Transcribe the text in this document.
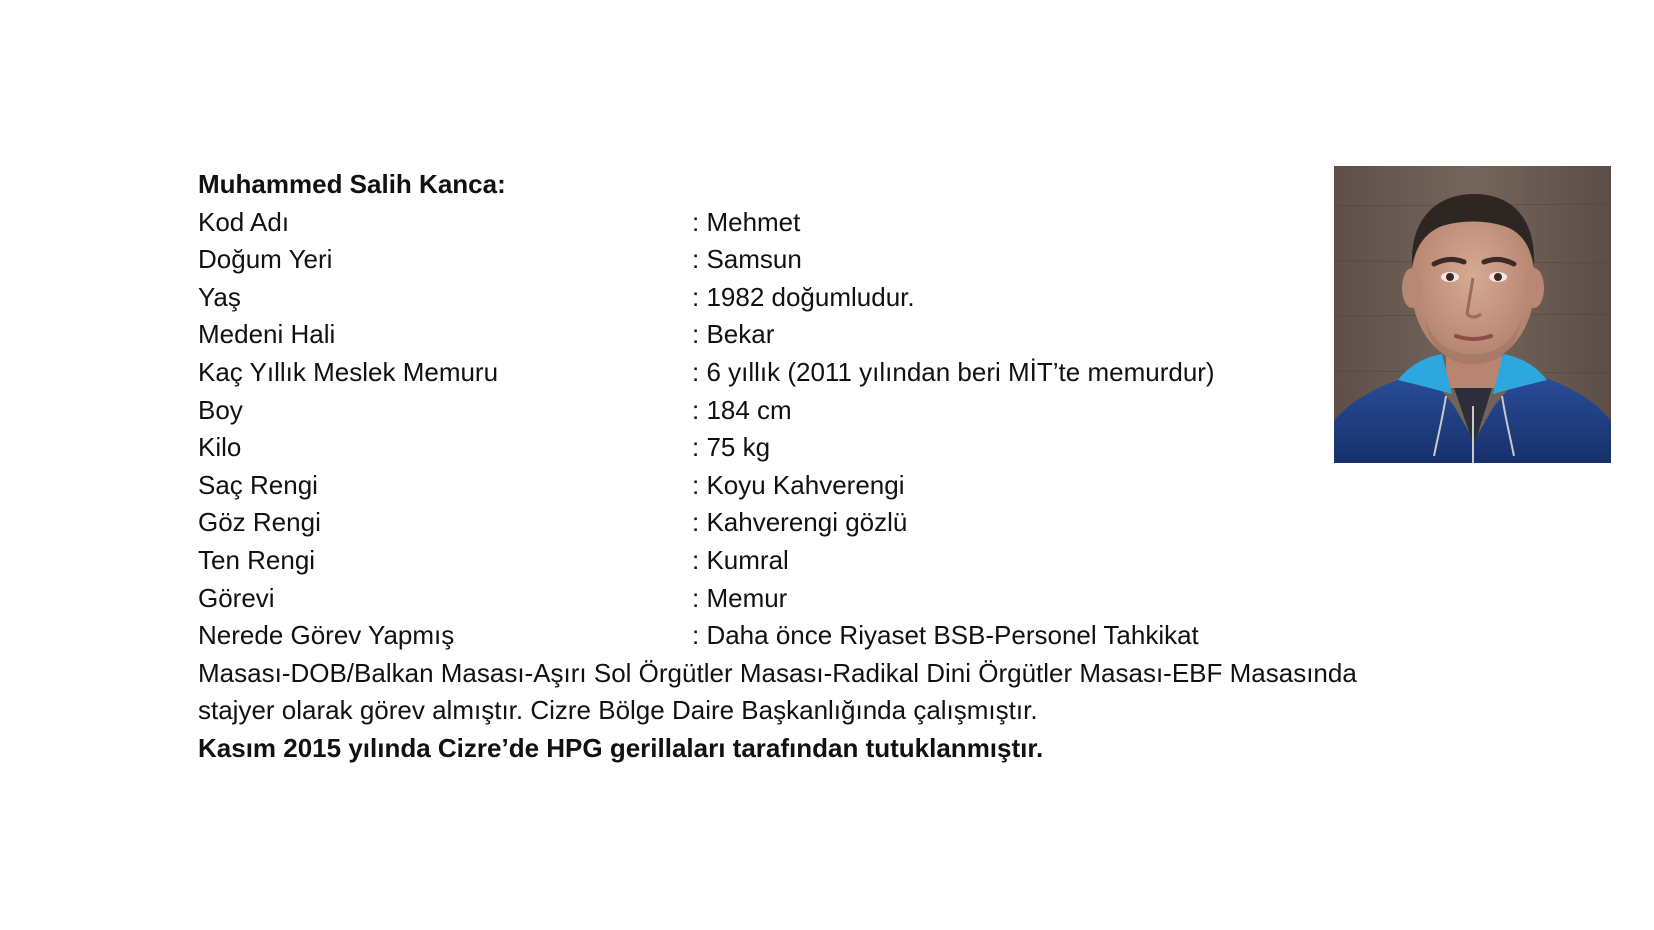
Muhammed Salih Kanca:

Kod Adı	: Mehmet
Doğum Yeri	: Samsun
Yaş	: 1982 doğumludur.
Medeni Hali	: Bekar
Kaç Yıllık Meslek Memuru	: 6 yıllık (2011 yılından beri MİT’te memurdur)
Boy	: 184 cm
Kilo	: 75 kg
Saç Rengi	: Koyu Kahverengi
Göz Rengi	: Kahverengi gözlü
Ten Rengi	: Kumral
Görevi	: Memur
Nerede Görev Yapmış	: Daha önce Riyaset BSB-Personel Tahkikat

Masası-DOB/Balkan Masası-Aşırı Sol Örgütler Masası-Radikal Dini Örgütler Masası-EBF Masasında

stajyer olarak görev almıştır. Cizre Bölge Daire Başkanlığında çalışmıştır.

Kasım 2015 yılında Cizre’de HPG gerillaları tarafından tutuklanmıştır.
